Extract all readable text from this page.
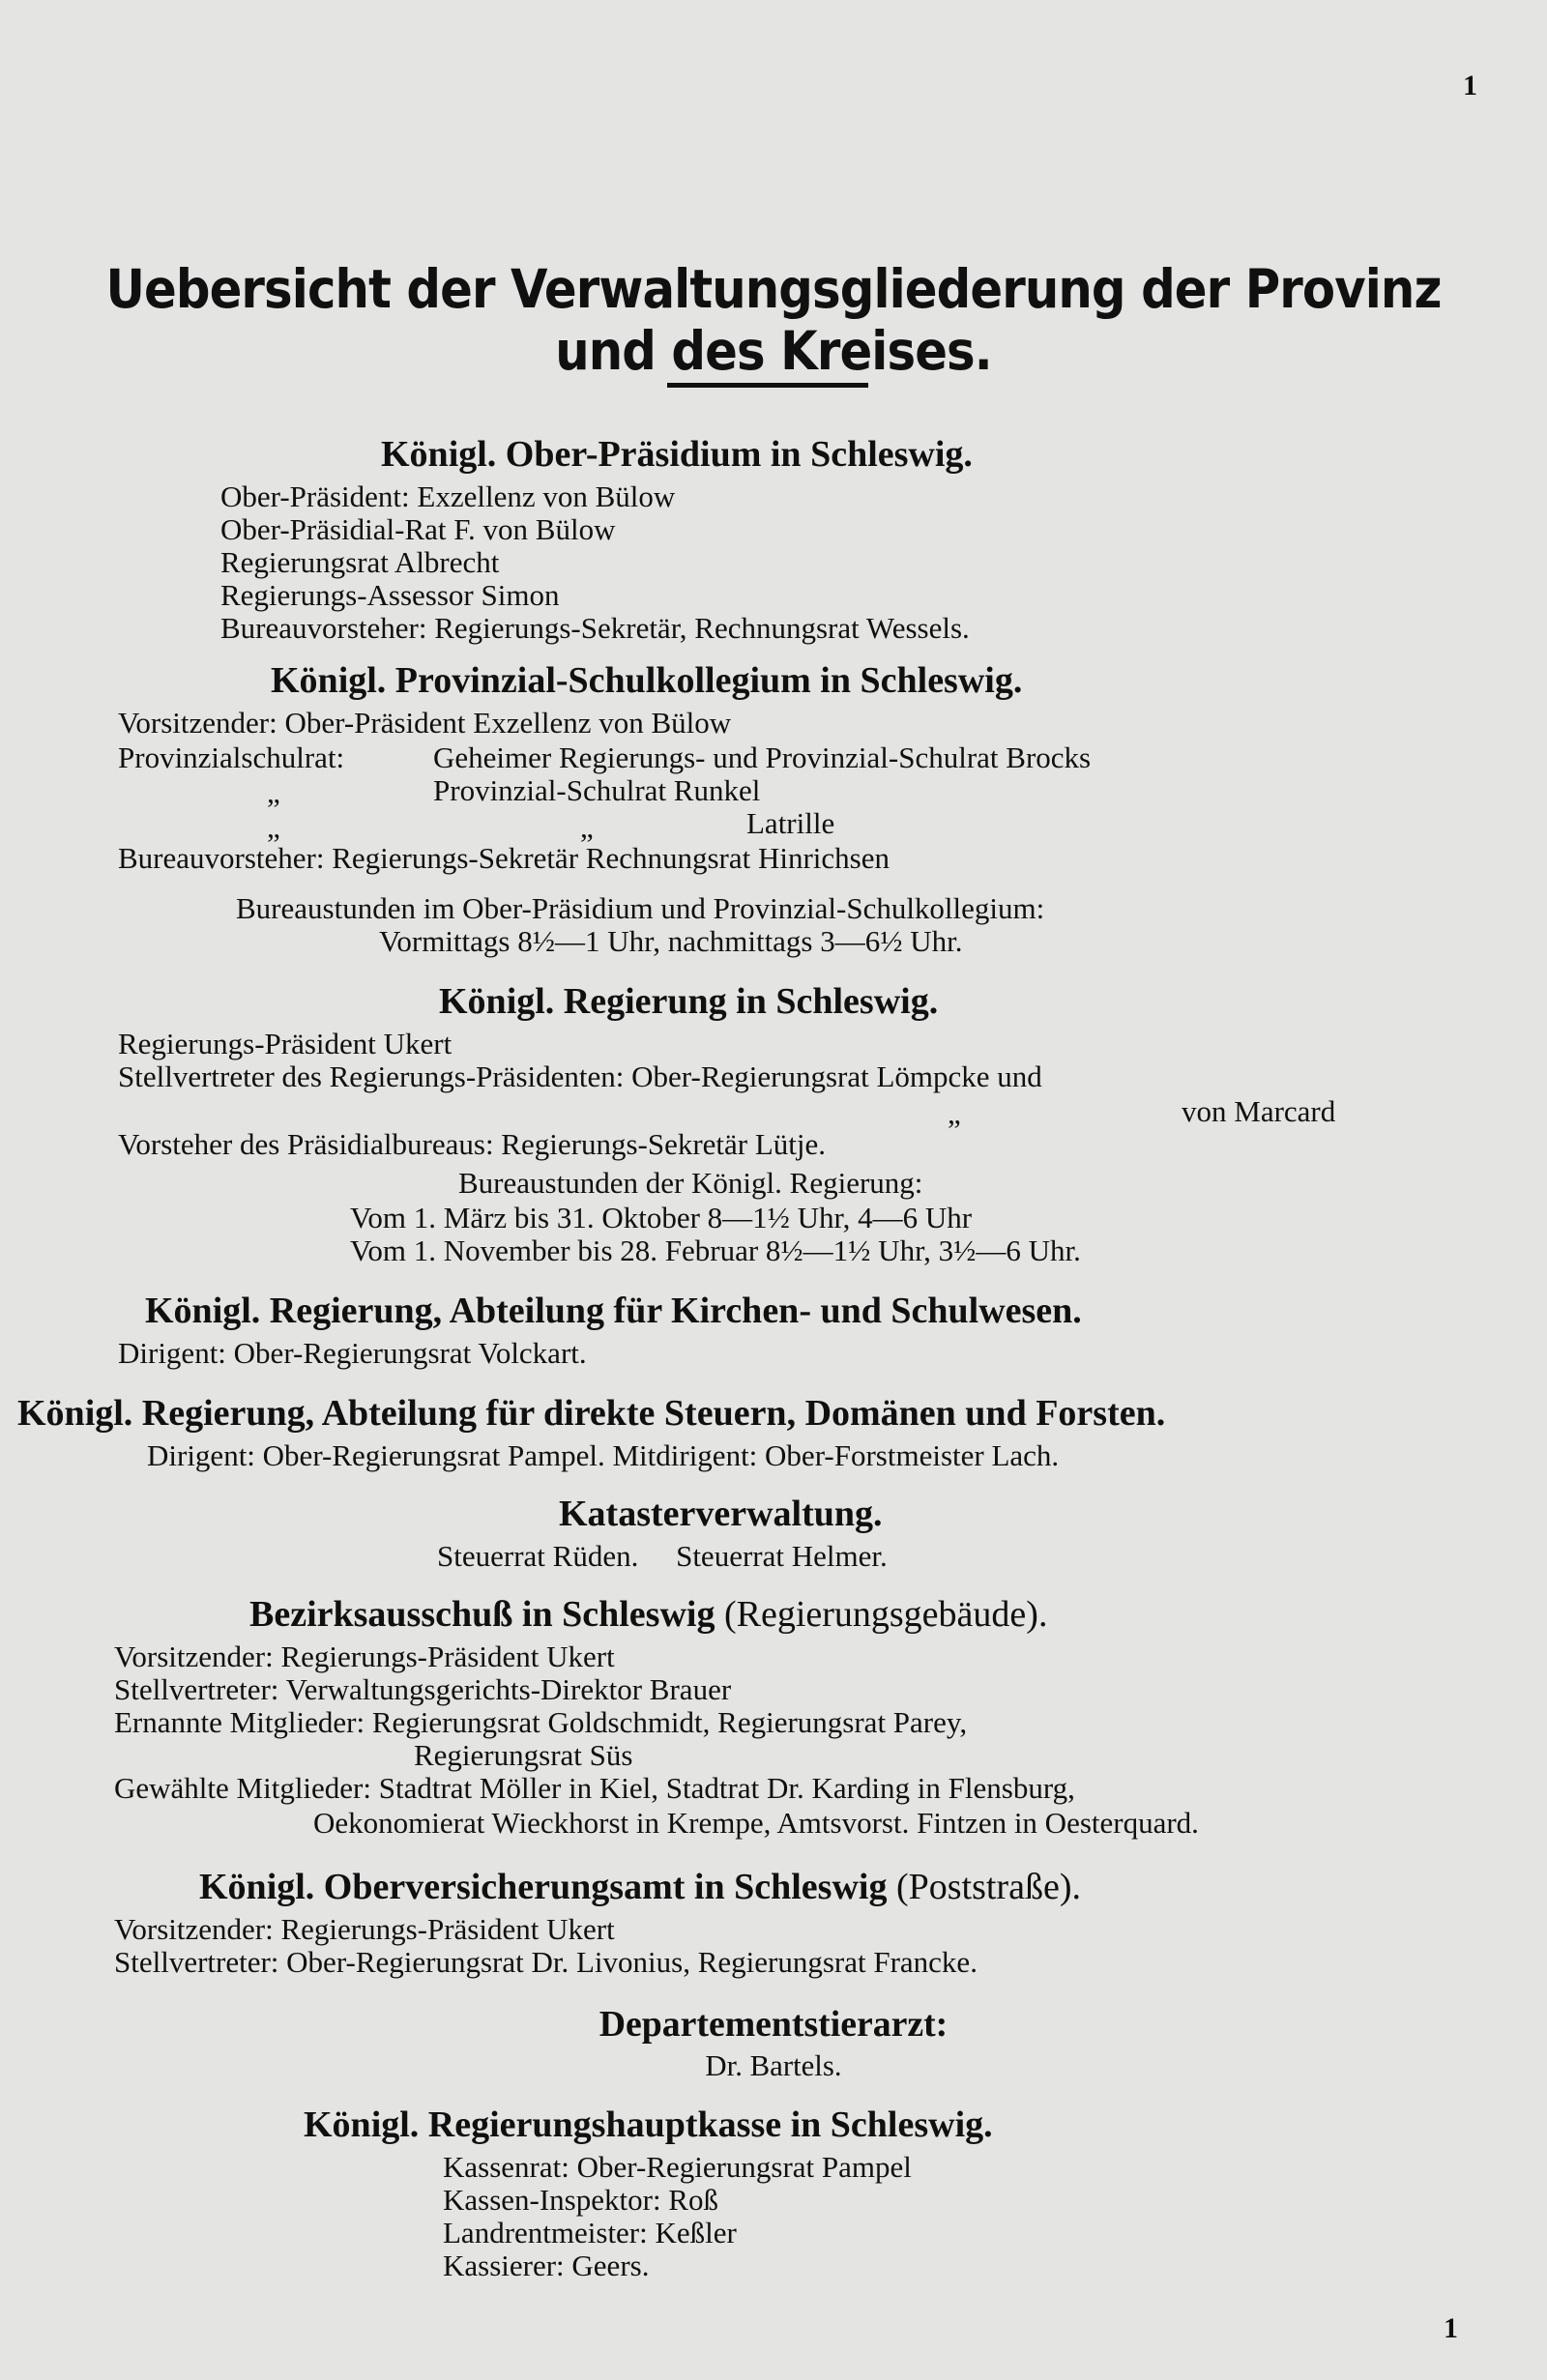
1
Uebersicht der Verwaltungsgliederung der Provinz und des Kreises.
Königl. Ober-Präsidium in Schleswig.
Ober-Präsident: Exzellenz von Bülow
Ober-Präsidial-Rat F. von Bülow
Regierungsrat Albrecht
Regierungs-Assessor Simon
Bureauvorsteher: Regierungs-Sekretär, Rechnungsrat Wessels.
Königl. Provinzial-Schulkollegium in Schleswig.
Vorsitzender: Ober-Präsident Exzellenz von Bülow
Provinzialschulrat:	Geheimer Regierungs- und Provinzial-Schulrat Brocks
„	Provinzial-Schulrat Runkel
„	„	Latrille
Bureauvorsteher: Regierungs-Sekretär Rechnungsrat Hinrichsen
Bureaustunden im Ober-Präsidium und Provinzial-Schulkollegium:
Vormittags 8½—1 Uhr, nachmittags 3—6½ Uhr.
Königl. Regierung in Schleswig.
Regierungs-Präsident Ukert
Stellvertreter des Regierungs-Präsidenten: Ober-Regierungsrat Lömpcke und
„	von Marcard
Vorsteher des Präsidialbureaus: Regierungs-Sekretär Lütje.
Bureaustunden der Königl. Regierung:
Vom 1. März bis 31. Oktober 8—1½ Uhr, 4—6 Uhr
Vom 1. November bis 28. Februar 8½—1½ Uhr, 3½—6 Uhr.
Königl. Regierung, Abteilung für Kirchen- und Schulwesen.
Dirigent: Ober-Regierungsrat Volckart.
Königl. Regierung, Abteilung für direkte Steuern, Domänen und Forsten.
Dirigent: Ober-Regierungsrat Pampel. Mitdirigent: Ober-Forstmeister Lach.
Katasterverwaltung.
Steuerrat Rüden.     Steuerrat Helmer.
Bezirksausschuß in Schleswig (Regierungsgebäude).
Vorsitzender: Regierungs-Präsident Ukert
Stellvertreter: Verwaltungsgerichts-Direktor Brauer
Ernannte Mitglieder: Regierungsrat Goldschmidt, Regierungsrat Parey,
Regierungsrat Süs
Gewählte Mitglieder: Stadtrat Möller in Kiel, Stadtrat Dr. Karding in Flensburg,
Oekonomierat Wieckhorst in Krempe, Amtsvorst. Fintzen in Oesterquard.
Königl. Oberversicherungsamt in Schleswig (Poststraße).
Vorsitzender: Regierungs-Präsident Ukert
Stellvertreter: Ober-Regierungsrat Dr. Livonius, Regierungsrat Francke.
Departementstierarzt:
Dr. Bartels.
Königl. Regierungshauptkasse in Schleswig.
Kassenrat: Ober-Regierungsrat Pampel
Kassen-Inspektor: Roß
Landrentmeister: Keßler
Kassierer: Geers.
1
